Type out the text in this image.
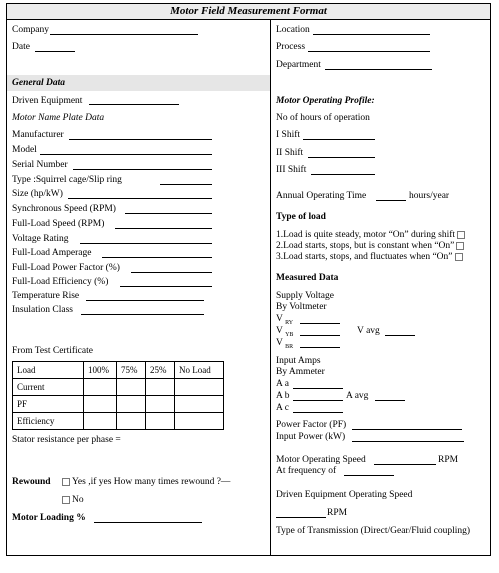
Motor Field Measurement Format
Company
Date
General Data
Driven Equipment
Motor Name Plate Data
Manufacturer
Model
Serial Number
Type :Squirrel cage/Slip ring
Size (hp/kW)
Synchronous Speed (RPM)
Full-Load Speed (RPM)
Voltage Rating
Full-Load Amperage
Full-Load Power Factor (%)
Full-Load Efficiency (%)
Temperature Rise
Insulation Class
From Test Certificate
Load	100%	75%	25%	No Load
Current				
PF				
Efficiency				
Stator resistance per phase =
Rewound	Yes ,if yes How many times rewound ?—
No
Motor Loading %
Location
Process
Department
Motor Operating Profile:
No of hours of operation
I Shift
II Shift
III Shift
Annual Operating Time	hours/year
Type of load
1.Load is quite steady, motor “On” during shift
2.Load starts, stops, but is constant when “On”
3.Load starts, stops, and fluctuates when “On”
Measured Data
Supply Voltage
By Voltmeter
V $_{RY}$
V $_{YB}$	V avg
V $_{BR}$
Input Amps
By Ammeter
A a
A b	A avg
A c
Power Factor (PF)
Input Power (kW)
Motor Operating Speed	RPM
At frequency of
Driven Equipment Operating Speed
RPM
Type of Transmission (Direct/Gear/Fluid coupling)
